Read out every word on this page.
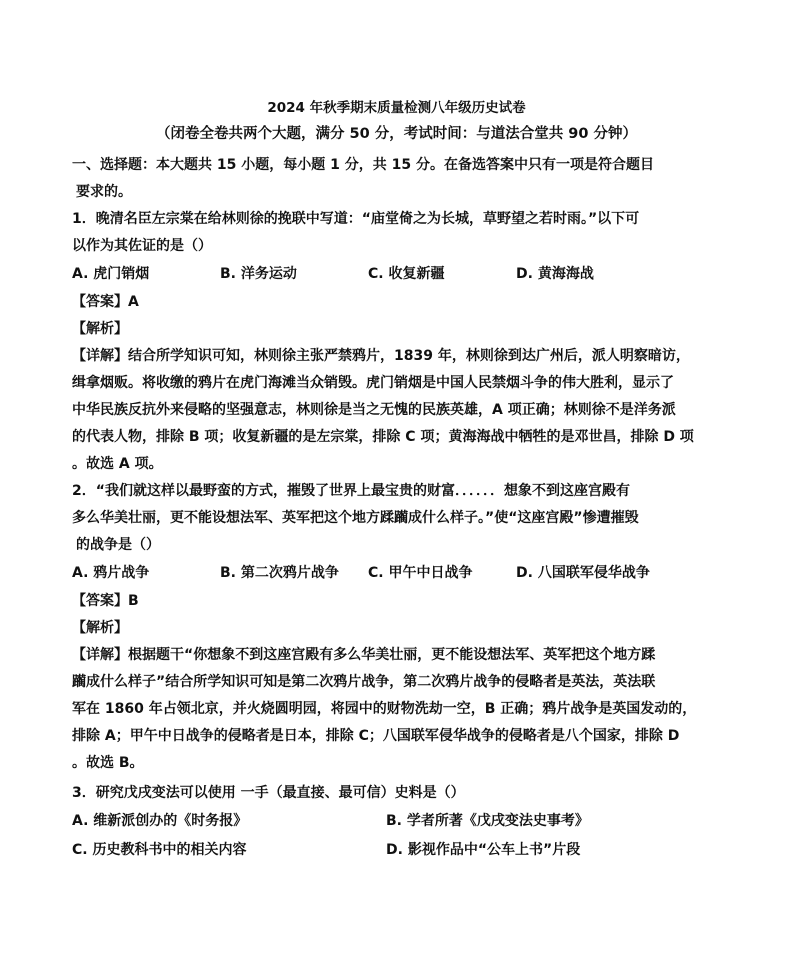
2024 年秋季期末质量检测八年级历史试卷
（闭卷全卷共两个大题，满分 50 分，考试时间：与道法合堂共 90 分钟）
一、选择题：本大题共 15 小题，每小题 1 分，共 15 分。在备选答案中只有一项是符合题目
要求的。
1．晚清名臣左宗棠在给林则徐的挽联中写道：“庙堂倚之为长城，草野望之若时雨。”以下可
以作为其佐证的是（）
A. 虎门销烟	B. 洋务运动	C. 收复新疆	D. 黄海海战
【答案】A
【解析】
【详解】结合所学知识可知，林则徐主张严禁鸦片，1839 年，林则徐到达广州后，派人明察暗访，
缉拿烟贩。将收缴的鸦片在虎门海滩当众销毁。虎门销烟是中国人民禁烟斗争的伟大胜利，显示了
中华民族反抗外来侵略的坚强意志，林则徐是当之无愧的民族英雄，A 项正确；林则徐不是洋务派
的代表人物，排除 B 项；收复新疆的是左宗棠，排除 C 项；黄海海战中牺牲的是邓世昌，排除 D 项
。故选 A 项。
2．“我们就这样以最野蛮的方式，摧毁了世界上最宝贵的财富．．．．．．想象不到这座宫殿有
多么华美壮丽，更不能设想法军、英军把这个地方蹂躏成什么样子。”使“这座宫殿”惨遭摧毁
的战争是（）
A. 鸦片战争	B. 第二次鸦片战争	C. 甲午中日战争	D. 八国联军侵华战争
【答案】B
【解析】
【详解】根据题干“你想象不到这座宫殿有多么华美壮丽，更不能设想法军、英军把这个地方蹂
躏成什么样子”结合所学知识可知是第二次鸦片战争，第二次鸦片战争的侵略者是英法，英法联
军在 1860 年占领北京，并火烧圆明园，将园中的财物洗劫一空，B 正确；鸦片战争是英国发动的，
排除 A；甲午中日战争的侵略者是日本，排除 C；八国联军侵华战争的侵略者是八个国家，排除 D
。故选 B。
3．研究戊戌变法可以使用 一手（最直接、最可信）史料是（）
A. 维新派创办的《时务报》	B. 学者所著《戊戌变法史事考》
C. 历史教科书中的相关内容	D. 影视作品中“公车上书”片段
